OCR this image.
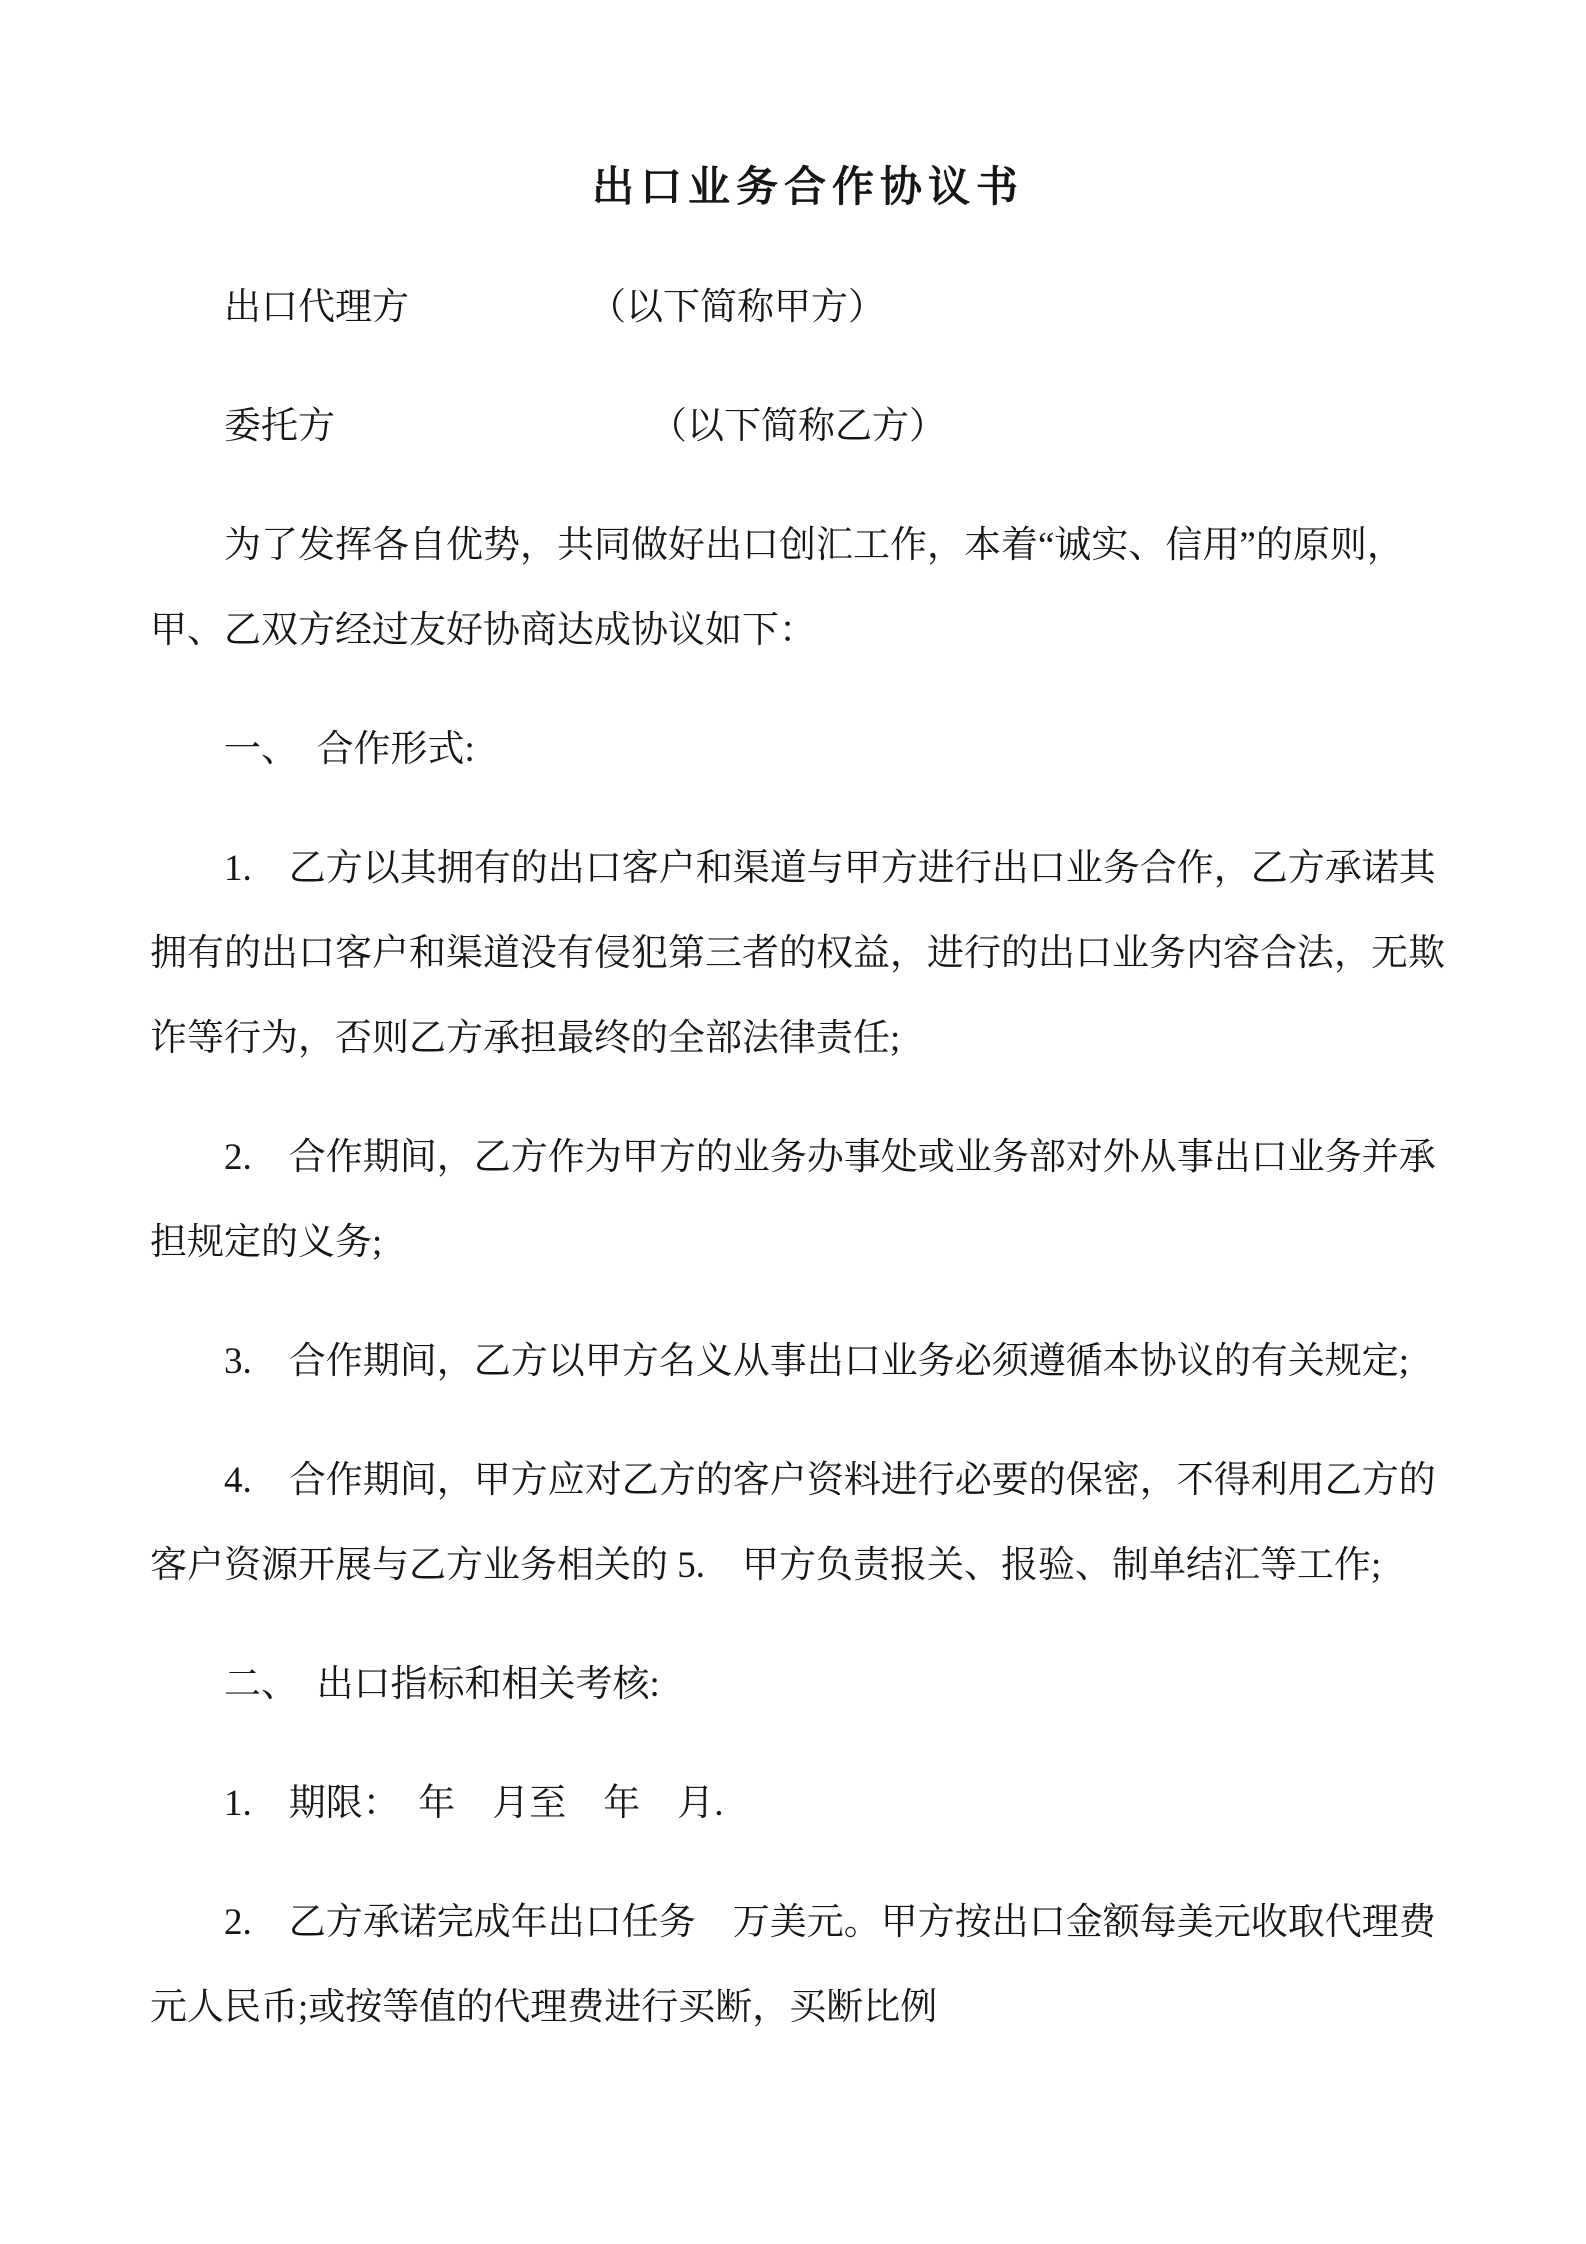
出口业务合作协议书

　　出口代理方	（以下简称甲方）

　　委托方	（以下简称乙方）

为了发挥各自优势，共同做好出口创汇工作，本着“诚实、信用”的原则，甲、乙双方经过友好协商达成协议如下：

一、　合作形式:

1.　乙方以其拥有的出口客户和渠道与甲方进行出口业务合作，乙方承诺其拥有的出口客户和渠道没有侵犯第三者的权益，进行的出口业务内容合法，无欺诈等行为，否则乙方承担最终的全部法律责任;

2.　合作期间，乙方作为甲方的业务办事处或业务部对外从事出口业务并承担规定的义务;

3.　合作期间，乙方以甲方名义从事出口业务必须遵循本协议的有关规定;

4.　合作期间，甲方应对乙方的客户资料进行必要的保密，不得利用乙方的客户资源开展与乙方业务相关的 5.　甲方负责报关、报验、制单结汇等工作;

二、　出口指标和相关考核:

1.　期限：　年　月至　年　月.

2.　乙方承诺完成年出口任务　万美元。甲方按出口金额每美元收取代理费元人民币;或按等值的代理费进行买断，买断比例
